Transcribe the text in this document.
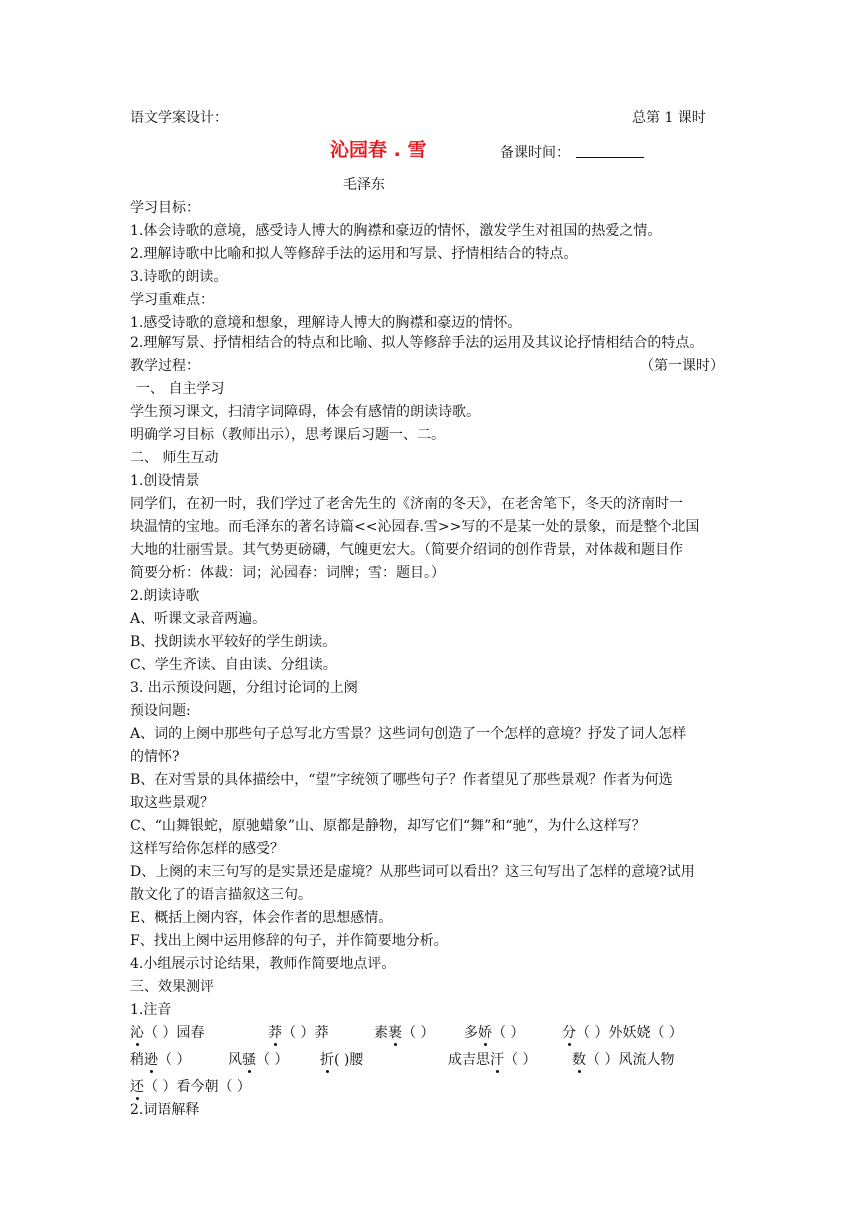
语文学案设计：	总第 1 课时
沁园春 . 雪	备课时间：
毛泽东
学习目标：
1.体会诗歌的意境，感受诗人博大的胸襟和豪迈的情怀，激发学生对祖国的热爱之情。
2.理解诗歌中比喻和拟人等修辞手法的运用和写景、抒情相结合的特点。
3.诗歌的朗读。
学习重难点：
1.感受诗歌的意境和想象，理解诗人博大的胸襟和豪迈的情怀。
2.理解写景、抒情相结合的特点和比喻、拟人等修辞手法的运用及其议论抒情相结合的特点。
教学过程：	（第一课时）
一、 自主学习
学生预习课文，扫清字词障碍，体会有感情的朗读诗歌。
明确学习目标（教师出示），思考课后习题一、二。
二、 师生互动
1.创设情景
同学们，在初一时，我们学过了老舍先生的《济南的冬天》，在老舍笔下，冬天的济南时一
块温情的宝地。而毛泽东的著名诗篇<<沁园春.雪>>写的不是某一处的景象，而是整个北国
大地的壮丽雪景。其气势更磅礴，气魄更宏大。（简要介绍词的创作背景，对体裁和题目作
简要分析：体裁：词；沁园春：词牌；雪：题目。）
2.朗读诗歌
A、听课文录音两遍。
B、找朗读水平较好的学生朗读。
C、学生齐读、自由读、分组读。
3. 出示预设问题，分组讨论词的上阕
预设问题:
A、词的上阕中那些句子总写北方雪景？这些词句创造了一个怎样的意境？抒发了词人怎样
的情怀?
B、在对雪景的具体描绘中，“望”字统领了哪些句子？作者望见了那些景观？作者为何选
取这些景观？
C、“山舞银蛇，原驰蜡象”山、原都是静物，却写它们“舞”和“驰”，为什么这样写？
这样写给你怎样的感受？
D、上阕的末三句写的是实景还是虚境？从那些词可以看出？这三句写出了怎样的意境?试用
散文化了的语言描叙这三句。
E、概括上阕内容，体会作者的思想感情。
F、找出上阕中运用修辞的句子，并作简要地分析。
4.小组展示讨论结果，教师作简要地点评。
三、效果测评
1.注音
沁（ ）园春	莽（ ）莽	素裹（ ） 多娇（ ）	分（ ）外妖娆（ ）
稍逊（ ）	风骚（ ） 折( )腰	成吉思汗（ ）	数（ ）风流人物
还（ ）看今朝（ ）
2.词语解释
